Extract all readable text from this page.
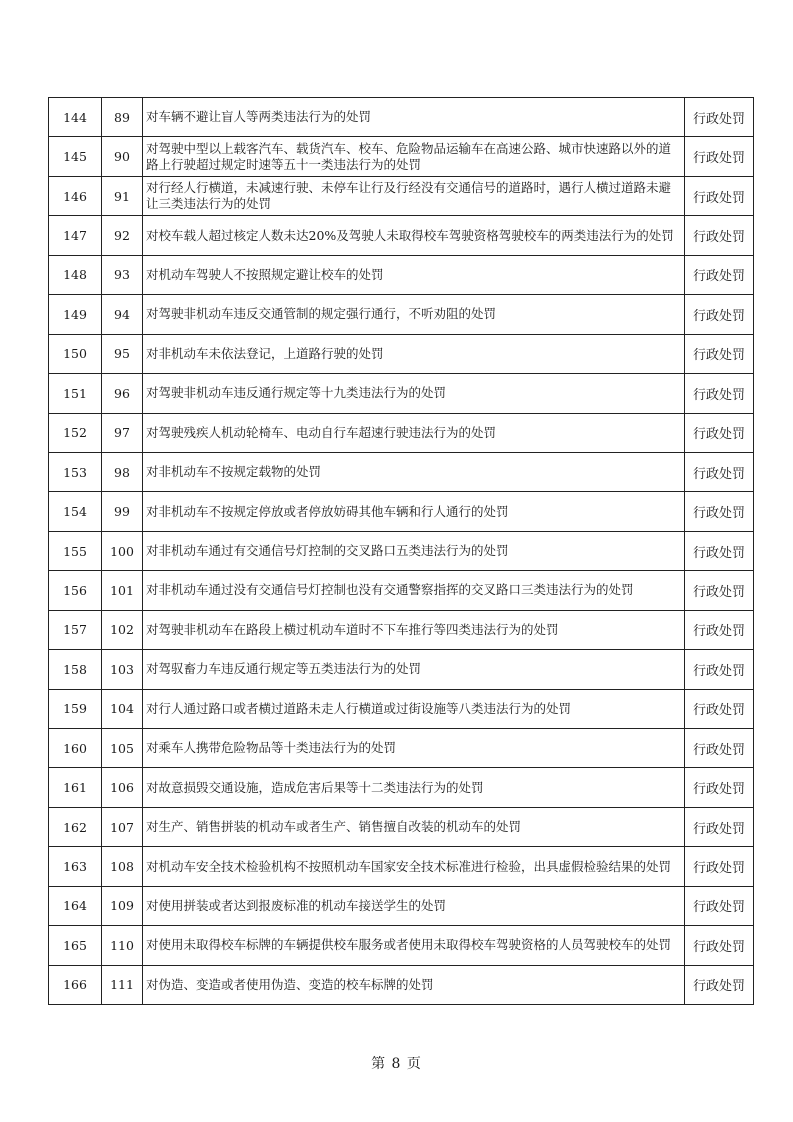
144	89	对车辆不避让盲人等两类违法行为的处罚	行政处罚
145	90	对驾驶中型以上载客汽车、载货汽车、校车、危险物品运输车在高速公路、城市快速路以外的道路上行驶超过规定时速等五十一类违法行为的处罚	行政处罚
146	91	对行经人行横道，未减速行驶、未停车让行及行经没有交通信号的道路时，遇行人横过道路未避让三类违法行为的处罚	行政处罚
147	92	对校车载人超过核定人数未达20%及驾驶人未取得校车驾驶资格驾驶校车的两类违法行为的处罚	行政处罚
148	93	对机动车驾驶人不按照规定避让校车的处罚	行政处罚
149	94	对驾驶非机动车违反交通管制的规定强行通行，不听劝阻的处罚	行政处罚
150	95	对非机动车未依法登记，上道路行驶的处罚	行政处罚
151	96	对驾驶非机动车违反通行规定等十九类违法行为的处罚	行政处罚
152	97	对驾驶残疾人机动轮椅车、电动自行车超速行驶违法行为的处罚	行政处罚
153	98	对非机动车不按规定载物的处罚	行政处罚
154	99	对非机动车不按规定停放或者停放妨碍其他车辆和行人通行的处罚	行政处罚
155	100	对非机动车通过有交通信号灯控制的交叉路口五类违法行为的处罚	行政处罚
156	101	对非机动车通过没有交通信号灯控制也没有交通警察指挥的交叉路口三类违法行为的处罚	行政处罚
157	102	对驾驶非机动车在路段上横过机动车道时不下车推行等四类违法行为的处罚	行政处罚
158	103	对驾驭畜力车违反通行规定等五类违法行为的处罚	行政处罚
159	104	对行人通过路口或者横过道路未走人行横道或过街设施等八类违法行为的处罚	行政处罚
160	105	对乘车人携带危险物品等十类违法行为的处罚	行政处罚
161	106	对故意损毁交通设施，造成危害后果等十二类违法行为的处罚	行政处罚
162	107	对生产、销售拼装的机动车或者生产、销售擅自改装的机动车的处罚	行政处罚
163	108	对机动车安全技术检验机构不按照机动车国家安全技术标准进行检验，出具虚假检验结果的处罚	行政处罚
164	109	对使用拼装或者达到报废标准的机动车接送学生的处罚	行政处罚
165	110	对使用未取得校车标牌的车辆提供校车服务或者使用未取得校车驾驶资格的人员驾驶校车的处罚	行政处罚
166	111	对伪造、变造或者使用伪造、变造的校车标牌的处罚	行政处罚
第 8 页
